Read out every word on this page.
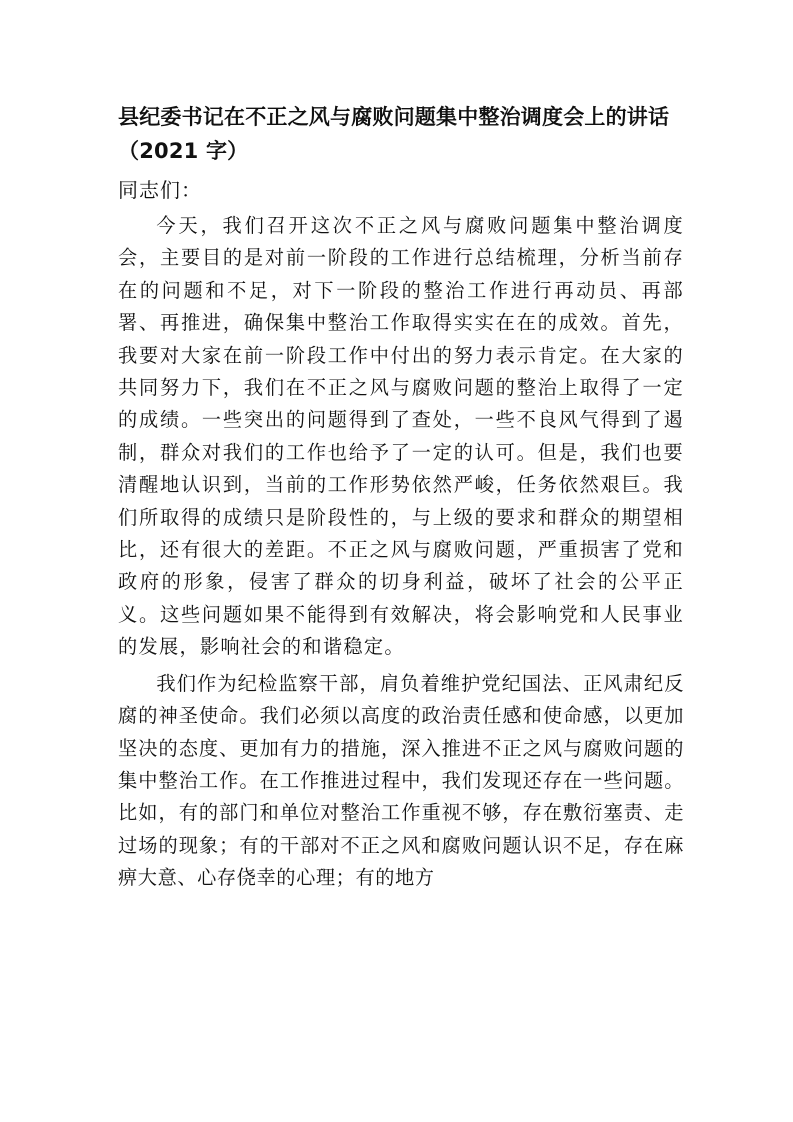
县纪委书记在不正之风与腐败问题集中整治调度会上的讲话（2021 字）
同志们：

今天，我们召开这次不正之风与腐败问题集中整治调度会，主要目的是对前一阶段的工作进行总结梳理，分析当前存在的问题和不足，对下一阶段的整治工作进行再动员、再部署、再推进，确保集中整治工作取得实实在在的成效。首先，我要对大家在前一阶段工作中付出的努力表示肯定。在大家的共同努力下，我们在不正之风与腐败问题的整治上取得了一定的成绩。一些突出的问题得到了查处，一些不良风气得到了遏制，群众对我们的工作也给予了一定的认可。但是，我们也要清醒地认识到，当前的工作形势依然严峻，任务依然艰巨。我们所取得的成绩只是阶段性的，与上级的要求和群众的期望相比，还有很大的差距。不正之风与腐败问题，严重损害了党和政府的形象，侵害了群众的切身利益，破坏了社会的公平正义。这些问题如果不能得到有效解决，将会影响党和人民事业的发展，影响社会的和谐稳定。

我们作为纪检监察干部，肩负着维护党纪国法、正风肃纪反腐的神圣使命。我们必须以高度的政治责任感和使命感，以更加坚决的态度、更加有力的措施，深入推进不正之风与腐败问题的集中整治工作。在工作推进过程中，我们发现还存在一些问题。比如，有的部门和单位对整治工作重视不够，存在敷衍塞责、走过场的现象；有的干部对不正之风和腐败问题认识不足，存在麻痹大意、心存侥幸的心理；有的地方
